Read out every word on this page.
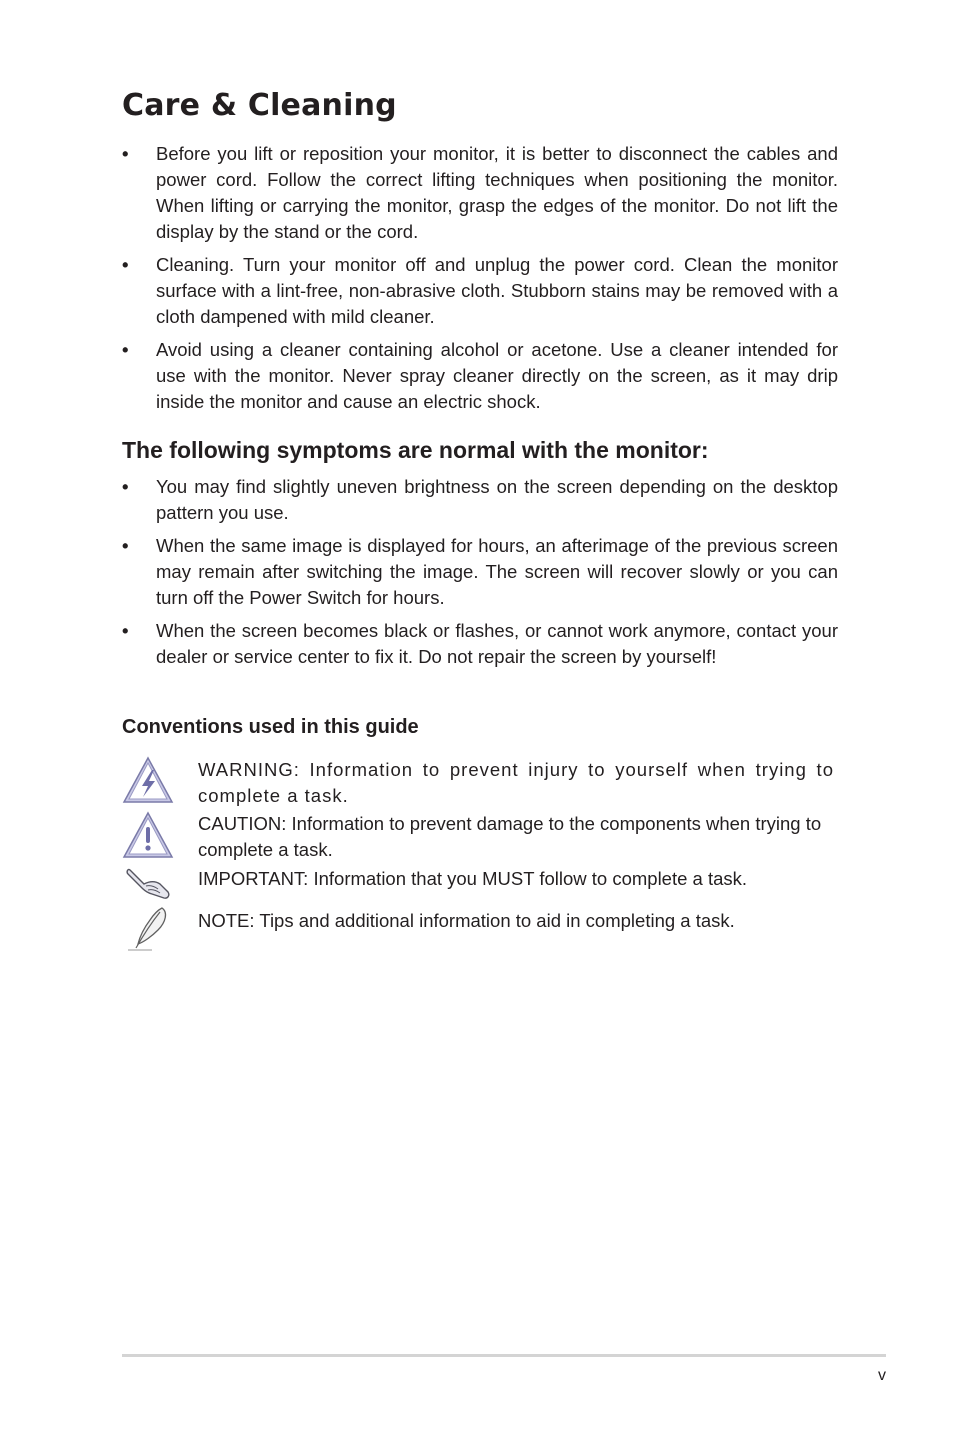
Care & Cleaning
• Before you lift or reposition your monitor, it is better to disconnect the cables and power cord. Follow the correct lifting techniques when positioning the monitor. When lifting or carrying the monitor, grasp the edges of the monitor. Do not lift the display by the stand or the cord.
• Cleaning. Turn your monitor off and unplug the power cord. Clean the monitor surface with a lint-free, non-abrasive cloth. Stubborn stains may be removed with a cloth dampened with mild cleaner.
• Avoid using a cleaner containing alcohol or acetone. Use a cleaner intended for use with the monitor. Never spray cleaner directly on the screen, as it may drip inside the monitor and cause an electric shock.
The following symptoms are normal with the monitor:
• You may find slightly uneven brightness on the screen depending on the desktop pattern you use.
• When the same image is displayed for hours, an afterimage of the previous screen may remain after switching the image. The screen will recover slowly or you can turn off the Power Switch for hours.
• When the screen becomes black or flashes, or cannot work anymore, contact your dealer or service center to fix it. Do not repair the screen by yourself!
Conventions used in this guide

WARNING: Information to prevent injury to yourself when trying to complete a task.

CAUTION: Information to prevent damage to the components when trying to complete a task.

IMPORTANT: Information that you MUST follow to complete a task.

NOTE: Tips and additional information to aid in completing a task.

v
